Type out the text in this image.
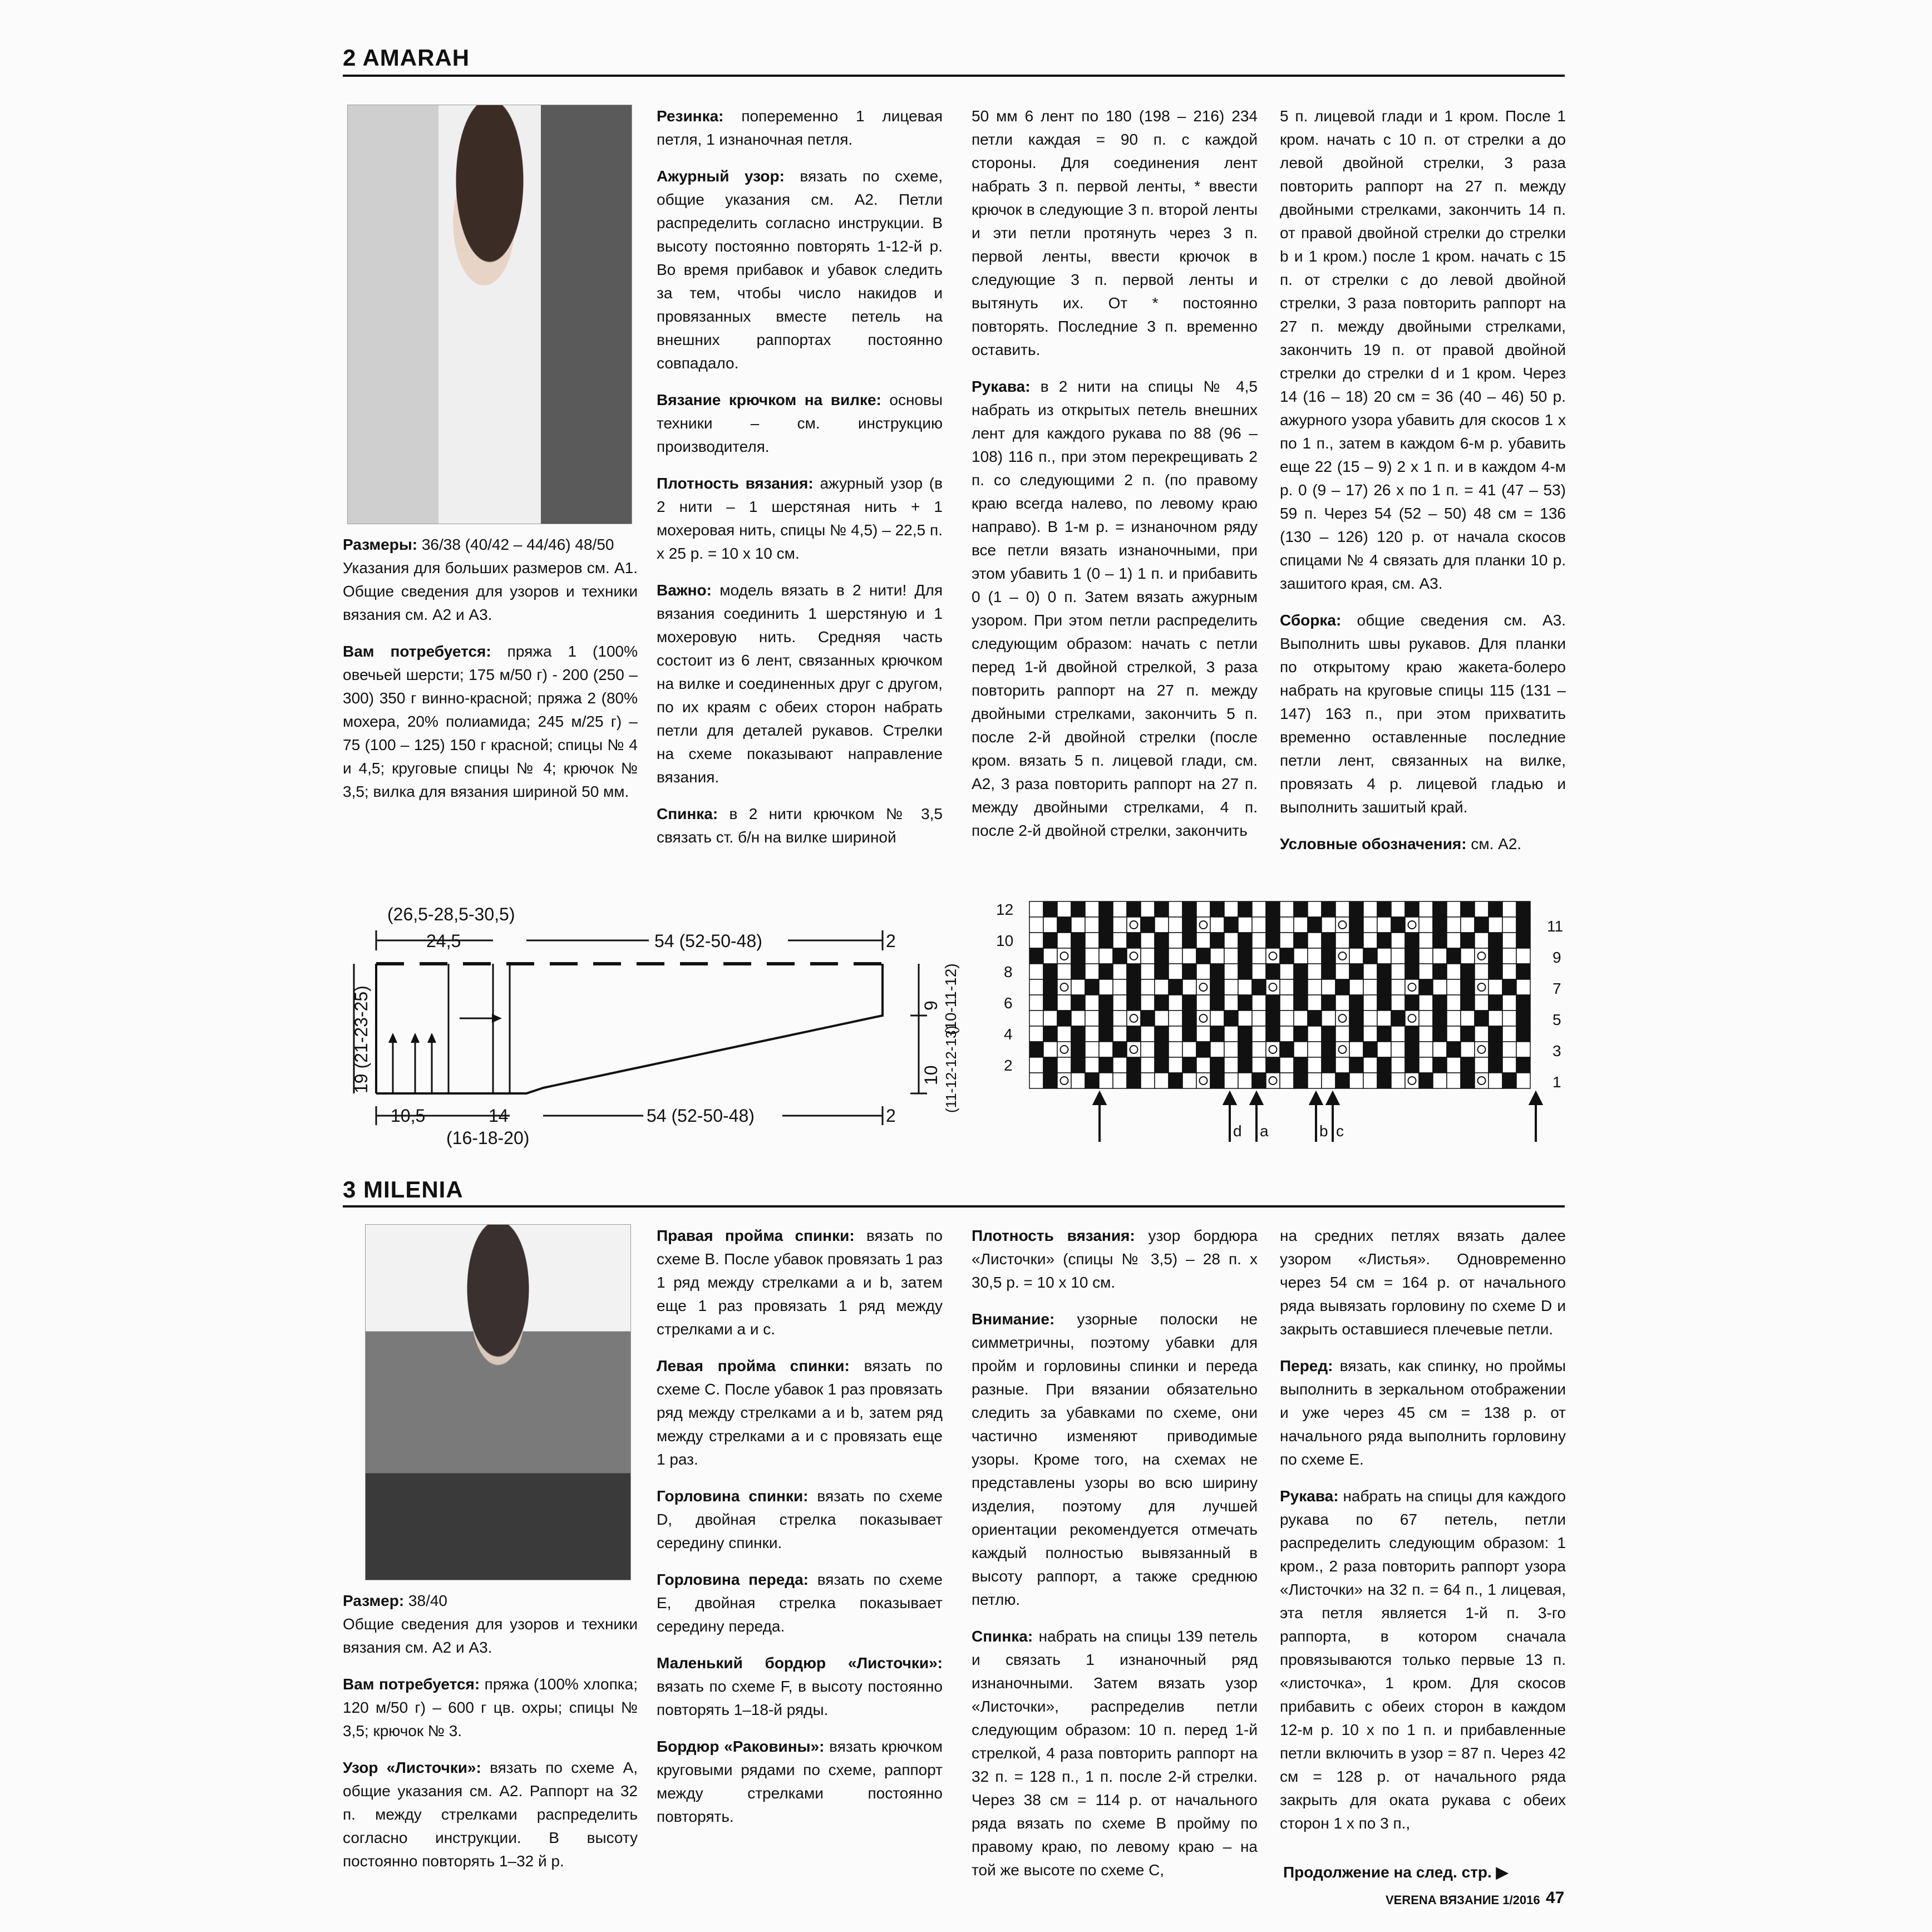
2 AMARAH

Размеры: 36/38 (40/42 – 44/46) 48/50
Указания для больших размеров см. А1. Общие сведения для узоров и техники вязания см. А2 и А3.

Вам потребуется: пряжа 1 (100% овечьей шерсти; 175 м/50 г) - 200 (250 – 300) 350 г винно-красной; пряжа 2 (80% мохера, 20% полиамида; 245 м/25 г) – 75 (100 – 125) 150 г красной; спицы № 4 и 4,5; круговые спицы № 4; крючок № 3,5; вилка для вязания шириной 50 мм.

Резинка: попеременно 1 лицевая петля, 1 изнаночная петля.

Ажурный узор: вязать по схеме, общие указания см. А2. Петли распределить согласно инструкции. В высоту постоянно повторять 1-12-й р. Во время прибавок и убавок следить за тем, чтобы число накидов и провязанных вместе петель на внешних раппортах постоянно совпадало.

Вязание крючком на вилке: основы техники – см. инструкцию производителя.

Плотность вязания: ажурный узор (в 2 нити – 1 шерстяная нить + 1 мохеровая нить, спицы № 4,5) – 22,5 п. х 25 р. = 10 х 10 см.

Важно: модель вязать в 2 нити! Для вязания соединить 1 шерстяную и 1 мохеровую нить. Средняя часть состоит из 6 лент, связанных крючком на вилке и соединенных друг с другом, по их краям с обеих сторон набрать петли для деталей рукавов. Стрелки на схеме показывают направление вязания.

Спинка: в 2 нити крючком № 3,5 связать ст. б/н на вилке шириной

50 мм 6 лент по 180 (198 – 216) 234 петли каждая = 90 п. с каждой стороны. Для соединения лент набрать 3 п. первой ленты, * ввести крючок в следующие 3 п. второй ленты и эти петли протянуть через 3 п. первой ленты, ввести крючок в следующие 3 п. первой ленты и вытянуть их. От * постоянно повторять. Последние 3 п. временно оставить.

Рукава: в 2 нити на спицы № 4,5 набрать из открытых петель внешних лент для каждого рукава по 88 (96 – 108) 116 п., при этом перекрещивать 2 п. со следующими 2 п. (по правому краю всегда налево, по левому краю направо). В 1-м р. = изнаночном ряду все петли вязать изнаночными, при этом убавить 1 (0 – 1) 1 п. и прибавить 0 (1 – 0) 0 п. Затем вязать ажурным узором. При этом петли распределить следующим образом: начать с петли перед 1-й двойной стрелкой, 3 раза повторить раппорт на 27 п. между двойными стрелками, закончить 5 п. после 2-й двойной стрелки (после кром. вязать 5 п. лицевой глади, см. А2, 3 раза повторить раппорт на 27 п. между двойными стрелками, 4 п. после 2-й двойной стрелки, закончить

5 п. лицевой глади и 1 кром. После 1 кром. начать с 10 п. от стрелки а до левой двойной стрелки, 3 раза повторить раппорт на 27 п. между двойными стрелками, закончить 14 п. от правой двойной стрелки до стрелки b и 1 кром.) после 1 кром. начать с 15 п. от стрелки с до левой двойной стрелки, 3 раза повторить раппорт на 27 п. между двойными стрелками, закончить 19 п. от правой двойной стрелки до стрелки d и 1 кром. Через 14 (16 – 18) 20 см = 36 (40 – 46) 50 р. ажурного узора убавить для скосов 1 х по 1 п., затем в каждом 6-м р. убавить еще 22 (15 – 9) 2 х 1 п. и в каждом 4-м р. 0 (9 – 17) 26 х по 1 п. = 41 (47 – 53) 59 п. Через 54 (52 – 50) 48 см = 136 (130 – 126) 120 р. от начала скосов спицами № 4 связать для планки 10 р. зашитого края, см. А3.

Сборка: общие сведения см. А3. Выполнить швы рукавов. Для планки по открытому краю жакета-болеро набрать на круговые спицы 115 (131 – 147) 163 п., при этом прихватить временно оставленные последние петли лент, связанных на вилке, провязать 4 р. лицевой гладью и выполнить зашитый край.

Условные обозначения: см. А2.

(26,5-28,5-30,5)
24,5	54 (52-50-48)	2
19 (21-23-25)	9 (10-11-12)
10 (11-12-12-13)
10,5	14
(16-18-20)
54 (52-50-48)	2
12
10
8
6
4
2
11
9
7
5
3
1
d a	b c
3 MILENIA

Размер: 38/40
Общие сведения для узоров и техники вязания см. А2 и А3.

Вам потребуется: пряжа (100% хлопка; 120 м/50 г) – 600 г цв. охры; спицы № 3,5; крючок № 3.

Узор «Листочки»: вязать по схеме А, общие указания см. А2. Раппорт на 32 п. между стрелками распределить согласно инструкции. В высоту постоянно повторять 1–32 й р.

Правая пройма спинки: вязать по схеме В. После убавок провязать 1 раз 1 ряд между стрелками а и b, затем еще 1 раз провязать 1 ряд между стрелками а и с.

Левая пройма спинки: вязать по схеме С. После убавок 1 раз провязать ряд между стрелками а и b, затем ряд между стрелками а и с провязать еще 1 раз.

Горловина спинки: вязать по схеме D, двойная стрелка показывает середину спинки.

Горловина переда: вязать по схеме Е, двойная стрелка показывает середину переда.

Маленький бордюр «Листочки»: вязать по схеме F, в высоту постоянно повторять 1–18-й ряды.

Бордюр «Раковины»: вязать крючком круговыми рядами по схеме, раппорт между стрелками постоянно повторять.

Плотность вязания: узор бордюра «Листочки» (спицы № 3,5) – 28 п. х 30,5 р. = 10 х 10 см.

Внимание: узорные полоски не симметричны, поэтому убавки для пройм и горловины спинки и переда разные. При вязании обязательно следить за убавками по схеме, они частично изменяют приводимые узоры. Кроме того, на схемах не представлены узоры во всю ширину изделия, поэтому для лучшей ориентации рекомендуется отмечать каждый полностью вывязанный в высоту раппорт, а также среднюю петлю.

Спинка: набрать на спицы 139 петель и связать 1 изнаночный ряд изнаночными. Затем вязать узор «Листочки», распределив петли следующим образом: 10 п. перед 1-й стрелкой, 4 раза повторить раппорт на 32 п. = 128 п., 1 п. после 2-й стрелки. Через 38 см = 114 р. от начального ряда вязать по схеме В пройму по правому краю, по левому краю – на той же высоте по схеме С,

на средних петлях вязать далее узором «Листья». Одновременно через 54 см = 164 р. от начального ряда вывязать горловину по схеме D и закрыть оставшиеся плечевые петли.

Перед: вязать, как спинку, но проймы выполнить в зеркальном отображении и уже через 45 см = 138 р. от начального ряда выполнить горловину по схеме Е.

Рукава: набрать на спицы для каждого рукава по 67 петель, петли распределить следующим образом: 1 кром., 2 раза повторить раппорт узора «Листочки» на 32 п. = 64 п., 1 лицевая, эта петля является 1-й п. 3-го раппорта, в котором сначала провязываются только первые 13 п. «листочка», 1 кром. Для скосов прибавить с обеих сторон в каждом 12-м р. 10 х по 1 п. и прибавленные петли включить в узор = 87 п. Через 42 см = 128 р. от начального ряда закрыть для оката рукава с обеих сторон 1 х по 3 п.,

Продолжение на след. стр. ▶
VERENA ВЯЗАНИЕ 1/2016 47
